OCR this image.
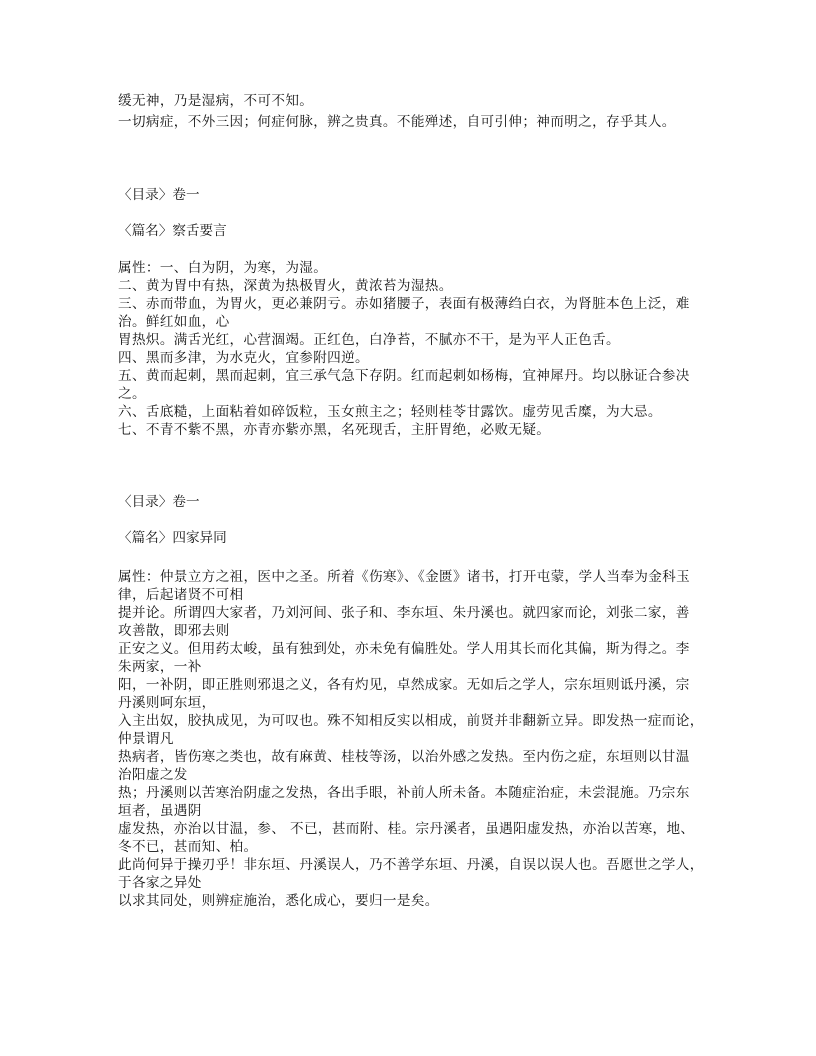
缓无神，乃是湿病，不可不知。
一切病症，不外三因；何症何脉，辨之贵真。不能殚述，自可引伸；神而明之，存乎其人。
〈目录〉卷一
〈篇名〉察舌要言
属性：一、白为阴，为寒，为湿。
二、黄为胃中有热，深黄为热极胃火，黄浓苔为湿热。
三、赤而带血，为胃火，更必兼阴亏。赤如猪腰子，表面有极薄绉白衣，为肾脏本色上泛，难
治。鲜红如血，心
胃热炽。满舌光红，心营涸竭。正红色，白净苔，不腻亦不干，是为平人正色舌。
四、黑而多津，为水克火，宜参附四逆。
五、黄而起刺，黑而起刺，宜三承气急下存阴。红而起刺如杨梅，宜神犀丹。均以脉证合参决
之。
六、舌底糙，上面粘着如碎饭粒，玉女煎主之；轻则桂苓甘露饮。虚劳见舌糜，为大忌。
七、不青不紫不黑，亦青亦紫亦黑，名死现舌，主肝胃绝，必败无疑。
〈目录〉卷一
〈篇名〉四家异同
属性：仲景立方之祖，医中之圣。所着《伤寒》、《金匮》诸书，打开屯蒙，学人当奉为金科玉
律，后起诸贤不可相
提并论。所谓四大家者，乃刘河间、张子和、李东垣、朱丹溪也。就四家而论，刘张二家，善
攻善散，即邪去则
正安之义。但用药太峻，虽有独到处，亦未免有偏胜处。学人用其长而化其偏，斯为得之。李
朱两家，一补
阳，一补阴，即正胜则邪退之义，各有灼见，卓然成家。无如后之学人，宗东垣则诋丹溪，宗
丹溪则呵东垣，
入主出奴，胶执成见，为可叹也。殊不知相反实以相成，前贤并非翻新立异。即发热一症而论，
仲景谓凡
热病者，皆伤寒之类也，故有麻黄、桂枝等汤，以治外感之发热。至内伤之症，东垣则以甘温
治阳虚之发
热；丹溪则以苦寒治阴虚之发热，各出手眼，补前人所未备。本随症治症，未尝混施。乃宗东
垣者，虽遇阴
虚发热，亦治以甘温，参、 不已，甚而附、桂。宗丹溪者，虽遇阳虚发热，亦治以苦寒，地、
冬不已，甚而知、柏。
此尚何异于操刃乎！非东垣、丹溪误人，乃不善学东垣、丹溪，自误以误人也。吾愿世之学人，
于各家之异处
以求其同处，则辨症施治，悉化成心，要归一是矣。
